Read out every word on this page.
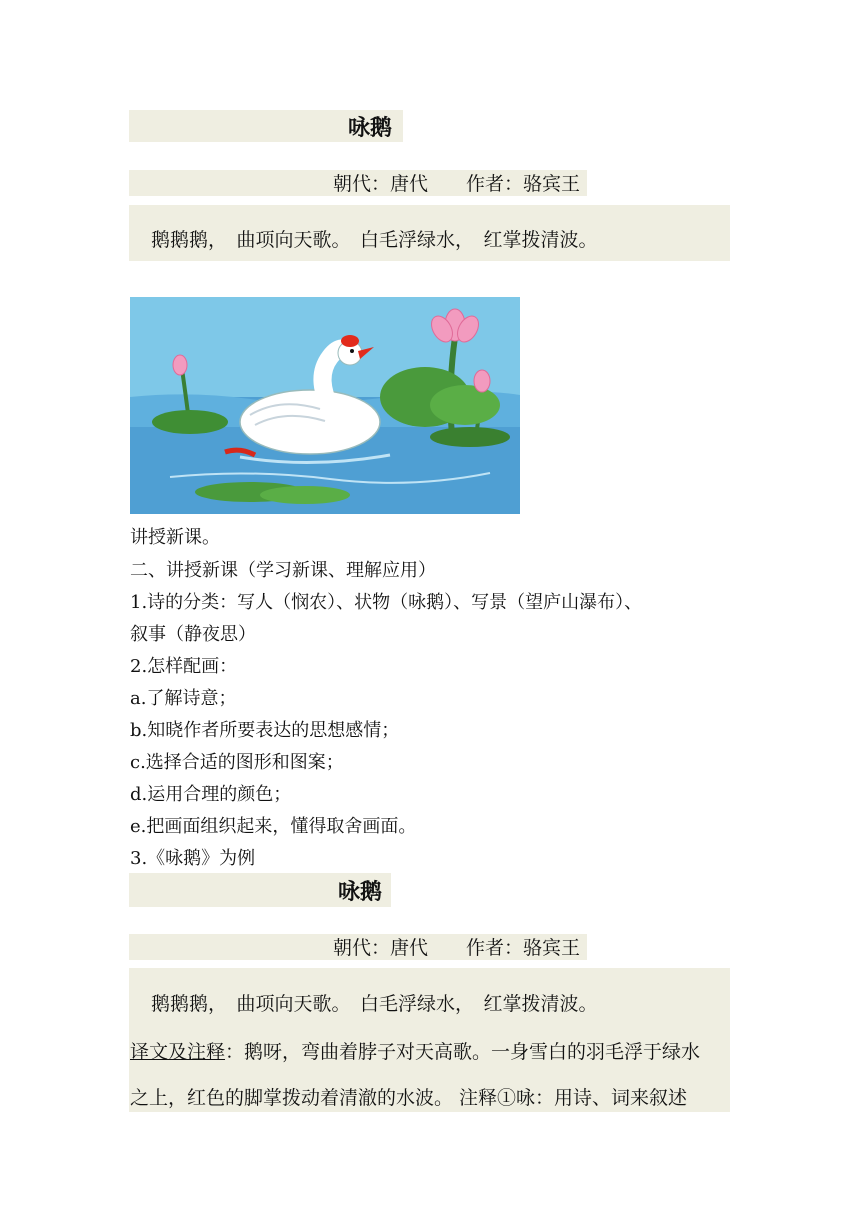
咏鹅
朝代：唐代　　作者：骆宾王
鹅鹅鹅，　曲项向天歌。　白毛浮绿水，　红掌拨清波。
讲授新课。
二、讲授新课（学习新课、理解应用）
1.诗的分类：写人（悯农）、状物（咏鹅）、写景（望庐山瀑布）、
叙事（静夜思）
2.怎样配画：
a.了解诗意；
b.知晓作者所要表达的思想感情；
c.选择合适的图形和图案；
d.运用合理的颜色；
e.把画面组织起来，懂得取舍画面。
3.《咏鹅》为例
咏鹅
朝代：唐代　　作者：骆宾王
鹅鹅鹅，　曲项向天歌。　白毛浮绿水，　红掌拨清波。
译文及注释：鹅呀，弯曲着脖子对天高歌。一身雪白的羽毛浮于绿水
之上，红色的脚掌拨动着清澈的水波。 注释①咏：用诗、词来叙述
